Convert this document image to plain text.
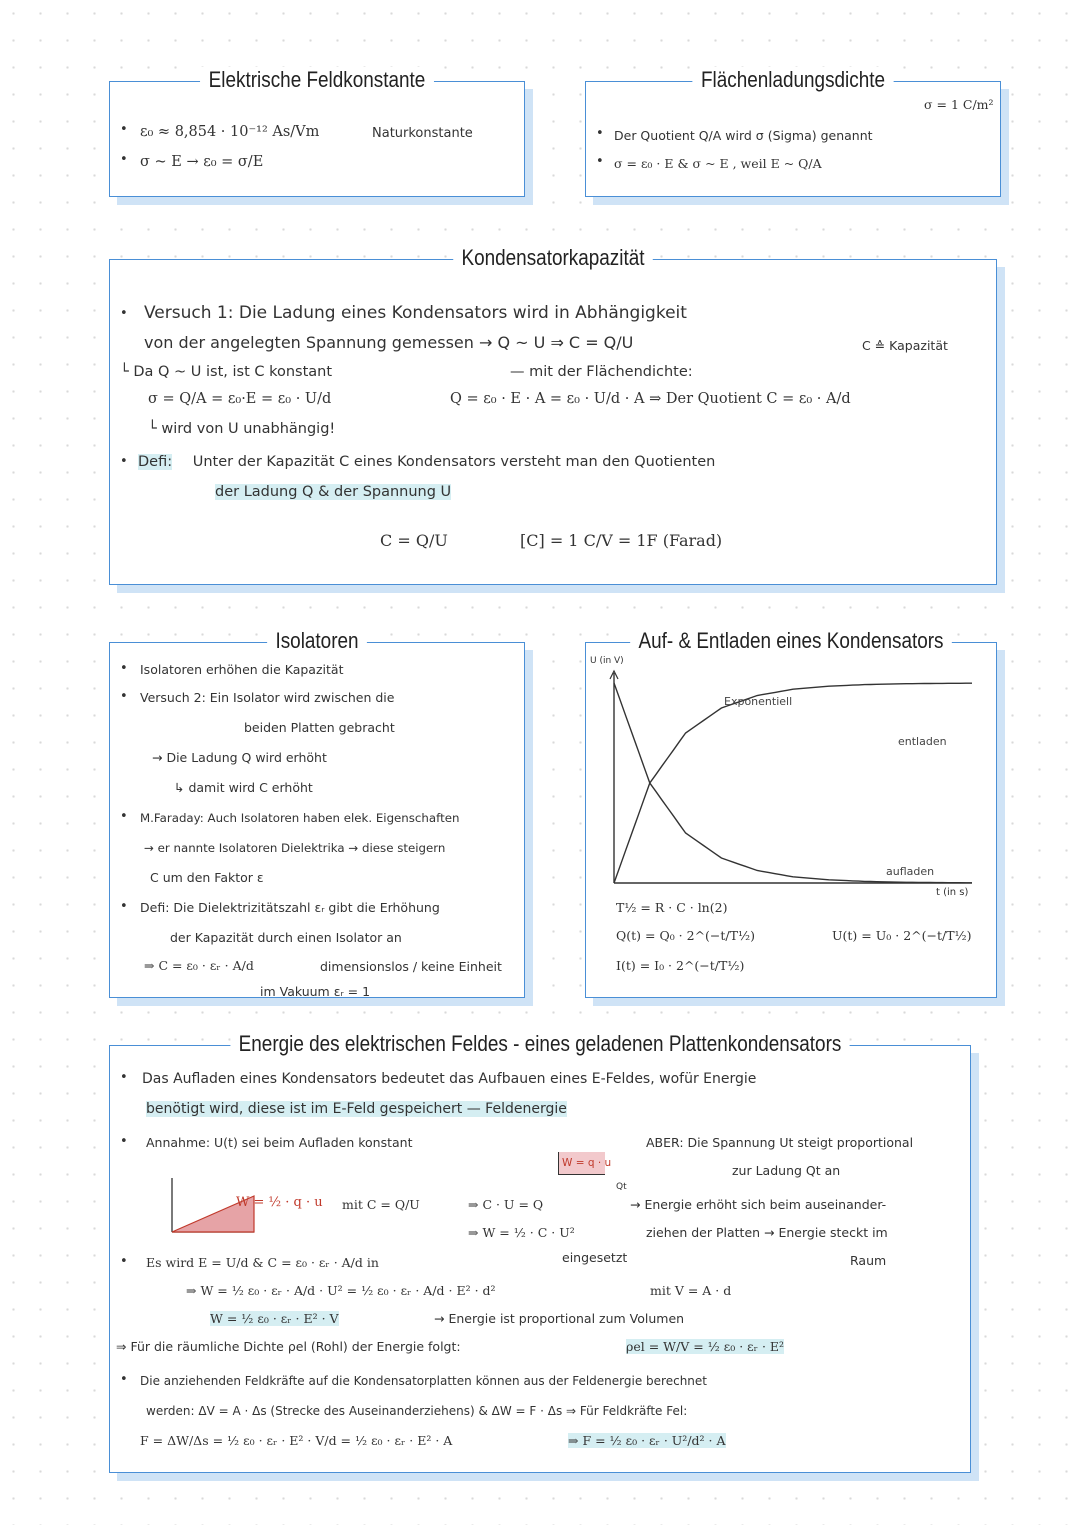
Elektrische Feldkonstante
• ε₀ ≈ 8,854 · 10⁻¹² As/Vm	Naturkonstante
• σ ~ E → ε₀ = σ/E
Flächenladungsdichte
σ = 1 C/m²
• Der Quotient Q/A wird σ (Sigma) genannt
• σ = ε₀ · E & σ ~ E , weil E ~ Q/A
Kondensatorkapazität
• Versuch 1: Die Ladung eines Kondensators wird in Abhängigkeit
von der angelegten Spannung gemessen → Q ~ U ⇒ C = Q/U	C ≙ Kapazität
└ Da Q ~ U ist, ist C konstant	— mit der Flächendichte:
σ = Q/A = ε₀·E = ε₀ · U/d	Q = ε₀ · E · A = ε₀ · U/d · A ⇒ Der Quotient C = ε₀ · A/d
└ wird von U unabhängig!
• Defi: Unter der Kapazität C eines Kondensators versteht man den Quotienten
der Ladung Q & der Spannung U
C = Q/U	[C] = 1 C/V = 1F (Farad)
Isolatoren
• Isolatoren erhöhen die Kapazität
• Versuch 2: Ein Isolator wird zwischen die
beiden Platten gebracht
→ Die Ladung Q wird erhöht
↳ damit wird C erhöht
• M.Faraday: Auch Isolatoren haben elek. Eigenschaften
→ er nannte Isolatoren Dielektrika → diese steigern
C um den Faktor ε
• Defi: Die Dielektrizitätszahl εᵣ gibt die Erhöhung
der Kapazität durch einen Isolator an
⇒ C = ε₀ · εᵣ · A/d	dimensionslos / keine Einheit
im Vakuum εᵣ = 1
Auf- & Entladen eines Kondensators
U (in V)
t (in s)
Exponentiell
entladen
aufladen
T½ = R · C · ln(2)
Q(t) = Q₀ · 2^(−t/T½)	U(t) = U₀ · 2^(−t/T½)
I(t) = I₀ · 2^(−t/T½)
Energie des elektrischen Feldes - eines geladenen Plattenkondensators
• Das Aufladen eines Kondensators bedeutet das Aufbauen eines E-Feldes, wofür Energie
benötigt wird, diese ist im E-Feld gespeichert — Feldenergie
• Annahme: U(t) sei beim Aufladen konstant	ABER: Die Spannung Ut steigt proportional
zur Ladung Qt an
W = q · u
Qt
W = ½ · q · u mit C = Q/U	⇒ C · U = Q
⇒ W = ½ · C · U²
→ Energie erhöht sich beim auseinander-
ziehen der Platten → Energie steckt im
Raum
• Es wird E = U/d & C = ε₀ · εᵣ · A/d in	eingesetzt
⇒ W = ½ ε₀ · εᵣ · A/d · U² = ½ ε₀ · εᵣ · A/d · E² · d²	mit V = A · d
W = ½ ε₀ · εᵣ · E² · V	→ Energie ist proportional zum Volumen
⇒ Für die räumliche Dichte ρel (Rohl) der Energie folgt:	ρel = W/V = ½ ε₀ · εᵣ · E²
• Die anziehenden Feldkräfte auf die Kondensatorplatten können aus der Feldenergie berechnet
werden: ΔV = A · Δs (Strecke des Auseinanderziehens) & ΔW = F · Δs ⇒ Für Feldkräfte Fel:
F = ΔW/Δs = ½ ε₀ · εᵣ · E² · V/d = ½ ε₀ · εᵣ · E² · A	⇒ F = ½ ε₀ · εᵣ · U²/d² · A
